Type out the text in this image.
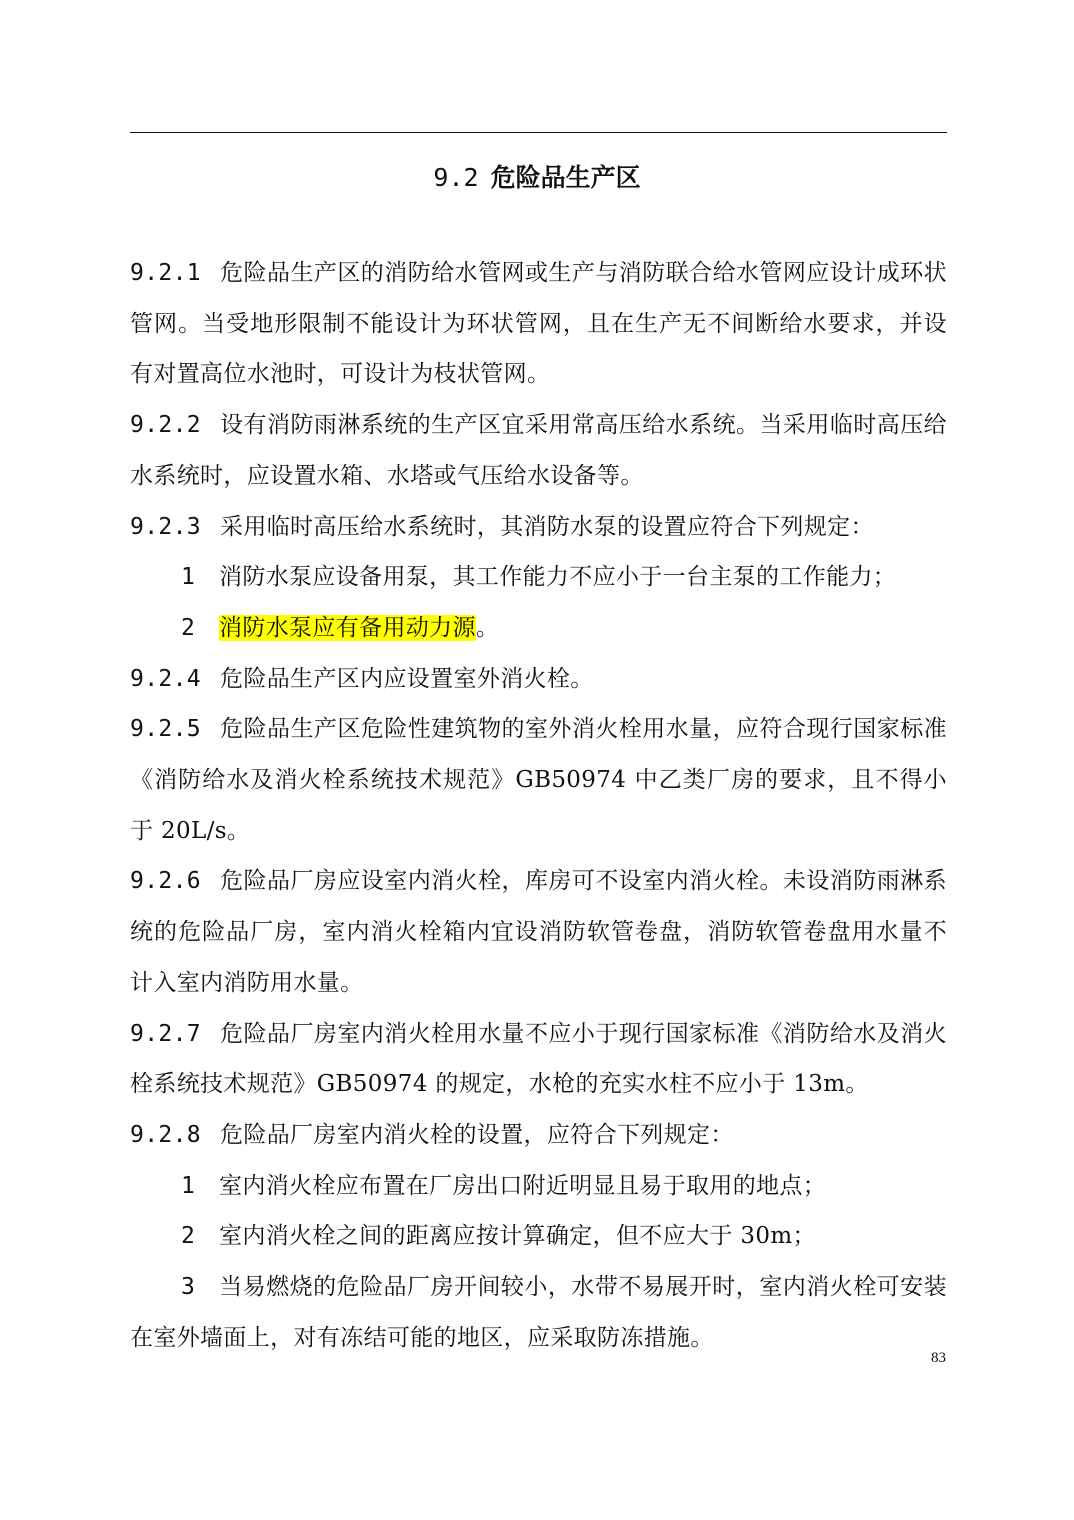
9.2 危险品生产区

9.2.1 危险品生产区的消防给水管网或生产与消防联合给水管网应设计成环状管网。当受地形限制不能设计为环状管网，且在生产无不间断给水要求，并设有对置高位水池时，可设计为枝状管网。

9.2.2 设有消防雨淋系统的生产区宜采用常高压给水系统。当采用临时高压给水系统时，应设置水箱、水塔或气压给水设备等。

9.2.3 采用临时高压给水系统时，其消防水泵的设置应符合下列规定：

1 消防水泵应设备用泵，其工作能力不应小于一台主泵的工作能力；

2 消防水泵应有备用动力源。

9.2.4 危险品生产区内应设置室外消火栓。

9.2.5 危险品生产区危险性建筑物的室外消火栓用水量，应符合现行国家标准《消防给水及消火栓系统技术规范》GB50974 中乙类厂房的要求，且不得小于 20L/s。

9.2.6 危险品厂房应设室内消火栓，库房可不设室内消火栓。未设消防雨淋系统的危险品厂房，室内消火栓箱内宜设消防软管卷盘，消防软管卷盘用水量不计入室内消防用水量。

9.2.7 危险品厂房室内消火栓用水量不应小于现行国家标准《消防给水及消火栓系统技术规范》GB50974 的规定，水枪的充实水柱不应小于 13m。

9.2.8 危险品厂房室内消火栓的设置，应符合下列规定：

1 室内消火栓应布置在厂房出口附近明显且易于取用的地点；

2 室内消火栓之间的距离应按计算确定，但不应大于 30m；

3 当易燃烧的危险品厂房开间较小，水带不易展开时，室内消火栓可安装在室外墙面上，对有冻结可能的地区，应采取防冻措施。

83
